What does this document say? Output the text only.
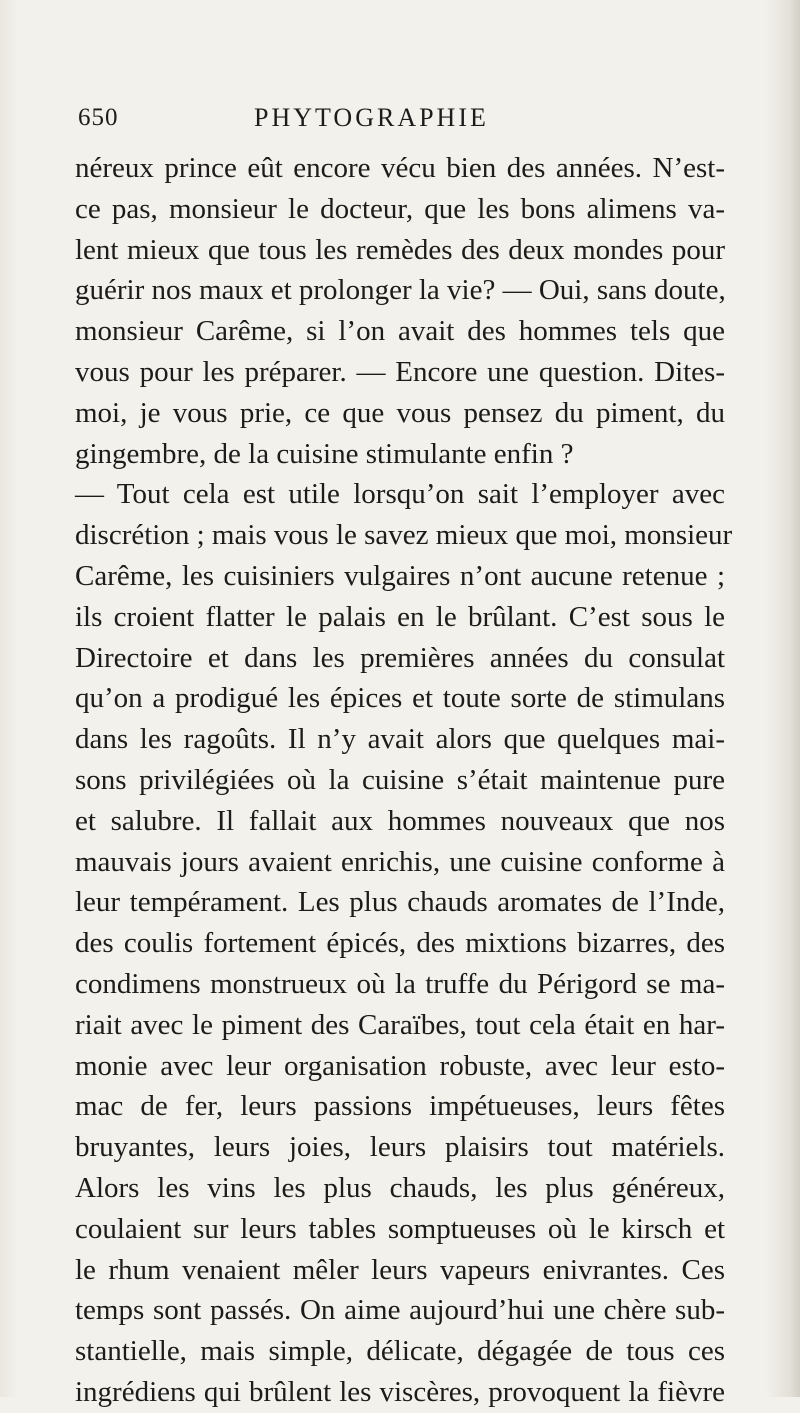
650	PHYTOGRAPHIE
néreux prince eût encore vécu bien des années. N’est-
ce pas, monsieur le docteur, que les bons alimens va-
lent mieux que tous les remèdes des deux mondes pour
guérir nos maux et prolonger la vie? — Oui, sans doute,
monsieur Carême, si l’on avait des hommes tels que
vous pour les préparer. — Encore une question. Dites-
moi, je vous prie, ce que vous pensez du piment, du
gingembre, de la cuisine stimulante enfin ?
— Tout cela est utile lorsqu’on sait l’employer avec
discrétion ; mais vous le savez mieux que moi, monsieur
Carême, les cuisiniers vulgaires n’ont aucune retenue ;
ils croient flatter le palais en le brûlant. C’est sous le
Directoire et dans les premières années du consulat
qu’on a prodigué les épices et toute sorte de stimulans
dans les ragoûts. Il n’y avait alors que quelques mai-
sons privilégiées où la cuisine s’était maintenue pure
et salubre. Il fallait aux hommes nouveaux que nos
mauvais jours avaient enrichis, une cuisine conforme à
leur tempérament. Les plus chauds aromates de l’Inde,
des coulis fortement épicés, des mixtions bizarres, des
condimens monstrueux où la truffe du Périgord se ma-
riait avec le piment des Caraïbes, tout cela était en har-
monie avec leur organisation robuste, avec leur esto-
mac de fer, leurs passions impétueuses, leurs fêtes
bruyantes, leurs joies, leurs plaisirs tout matériels.
Alors les vins les plus chauds, les plus généreux,
coulaient sur leurs tables somptueuses où le kirsch et
le rhum venaient mêler leurs vapeurs enivrantes. Ces
temps sont passés. On aime aujourd’hui une chère sub-
stantielle, mais simple, délicate, dégagée de tous ces
ingrédiens qui brûlent les viscères, provoquent la fièvre
